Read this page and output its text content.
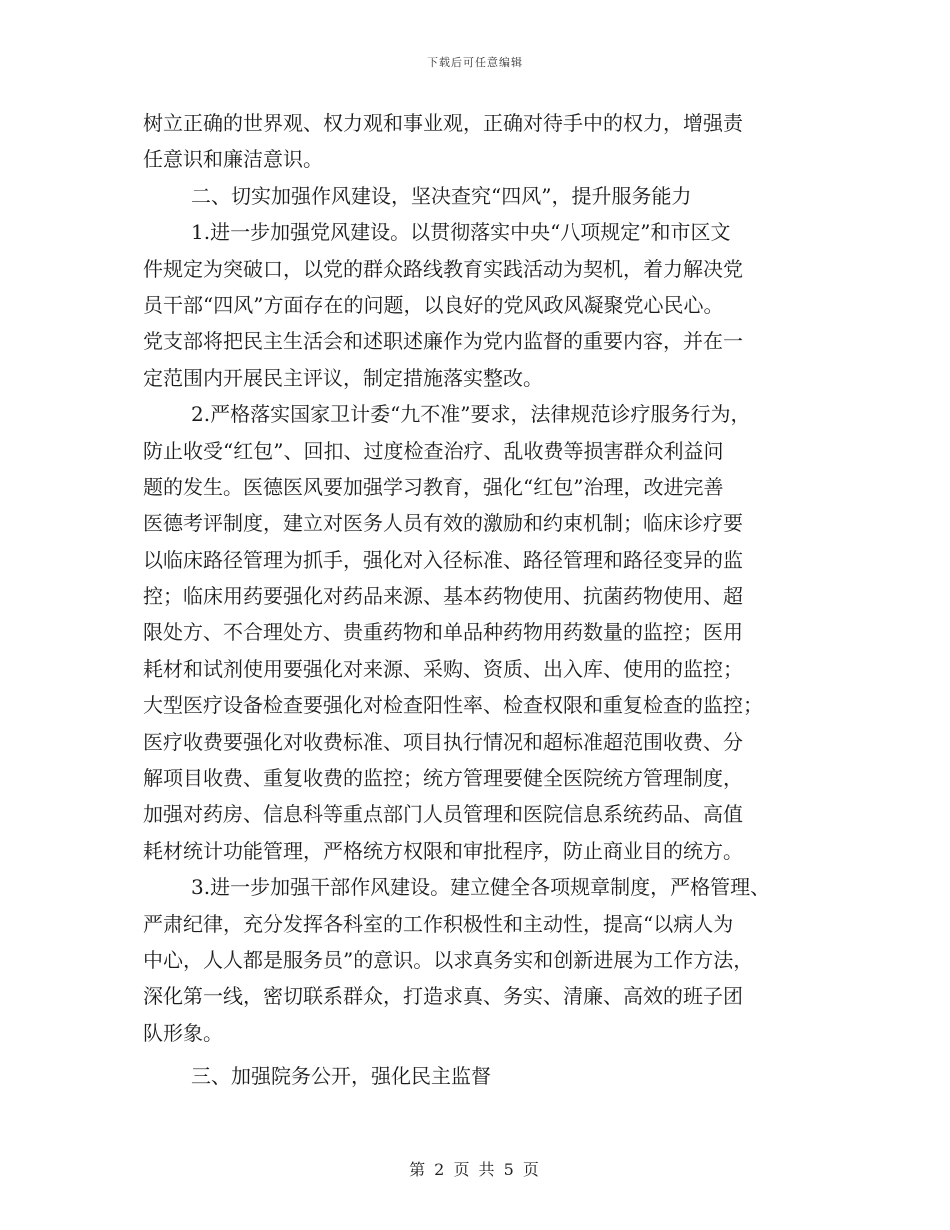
下载后可任意编辑
树立正确的世界观、权力观和事业观，正确对待手中的权力，增强责
任意识和廉洁意识。
二、切实加强作风建设，坚决查究“四风”，提升服务能力
1.进一步加强党风建设。以贯彻落实中央“八项规定”和市区文
件规定为突破口，以党的群众路线教育实践活动为契机，着力解决党
员干部“四风”方面存在的问题，以良好的党风政风凝聚党心民心。
党支部将把民主生活会和述职述廉作为党内监督的重要内容，并在一
定范围内开展民主评议，制定措施落实整改。
2.严格落实国家卫计委“九不准”要求，法律规范诊疗服务行为，
防止收受“红包”、回扣、过度检查治疗、乱收费等损害群众利益问
题的发生。医德医风要加强学习教育，强化“红包”治理，改进完善
医德考评制度，建立对医务人员有效的激励和约束机制；临床诊疗要
以临床路径管理为抓手，强化对入径标准、路径管理和路径变异的监
控；临床用药要强化对药品来源、基本药物使用、抗菌药物使用、超
限处方、不合理处方、贵重药物和单品种药物用药数量的监控；医用
耗材和试剂使用要强化对来源、采购、资质、出入库、使用的监控；
大型医疗设备检查要强化对检查阳性率、检查权限和重复检查的监控；
医疗收费要强化对收费标准、项目执行情况和超标准超范围收费、分
解项目收费、重复收费的监控；统方管理要健全医院统方管理制度，
加强对药房、信息科等重点部门人员管理和医院信息系统药品、高值
耗材统计功能管理，严格统方权限和审批程序，防止商业目的统方。
3.进一步加强干部作风建设。建立健全各项规章制度，严格管理、
严肃纪律，充分发挥各科室的工作积极性和主动性，提高“以病人为
中心，人人都是服务员”的意识。以求真务实和创新进展为工作方法，
深化第一线，密切联系群众，打造求真、务实、清廉、高效的班子团
队形象。
三、加强院务公开，强化民主监督
第 2 页 共 5 页
